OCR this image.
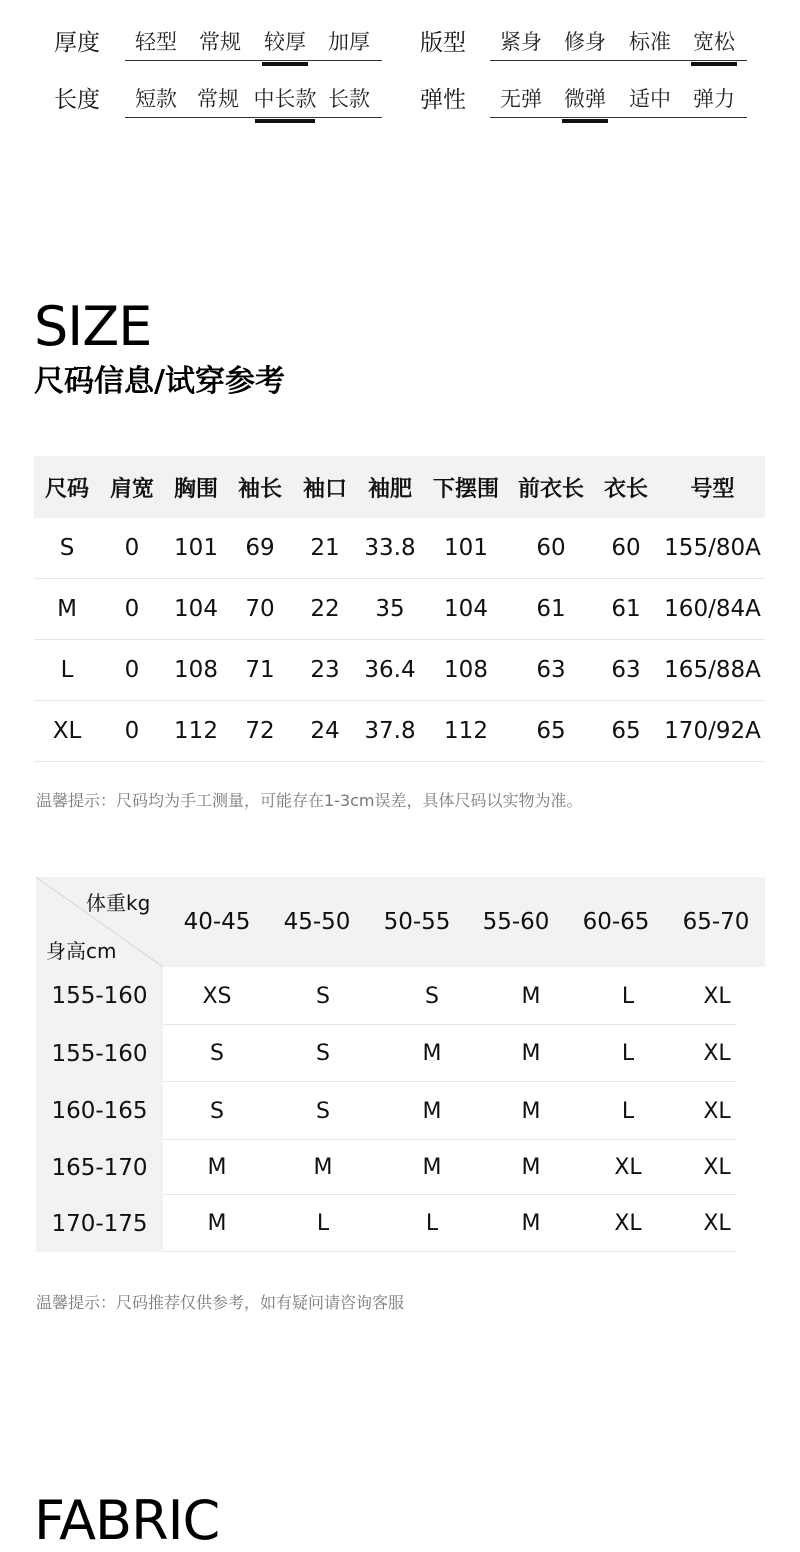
厚度 轻型 常规 较厚 加厚 版型 紧身 修身 标准 宽松
长度 短款 常规 中长款 长款 弹性 无弹 微弹 适中 弹力
SIZE
尺码信息/试穿参考
尺码 肩宽 胸围 袖长 袖口 袖肥 下摆围 前衣长 衣长	号型
S	0	101	69	21	33.8	101	60	60	155/80A
M	0	104	70	22	35	104	61	61	160/84A
L	0	108	71	23	36.4	108	63	63	165/88A
XL	0	112	72	24	37.8	112	65	65	170/92A
温馨提示：尺码均为手工测量，可能存在1-3cm误差，具体尺码以实物为准。
体重kg
身高cm
40-45	45-50	50-55	55-60	60-65	65-70
155-160	XS	S	S	M	L	XL
155-160	S	S	M	M	L	XL
160-165	S	S	M	M	L	XL
165-170	M	M	M	M	XL	XL
170-175	M	L	L	M	XL	XL
温馨提示：尺码推荐仅供参考，如有疑问请咨询客服
FABRIC
